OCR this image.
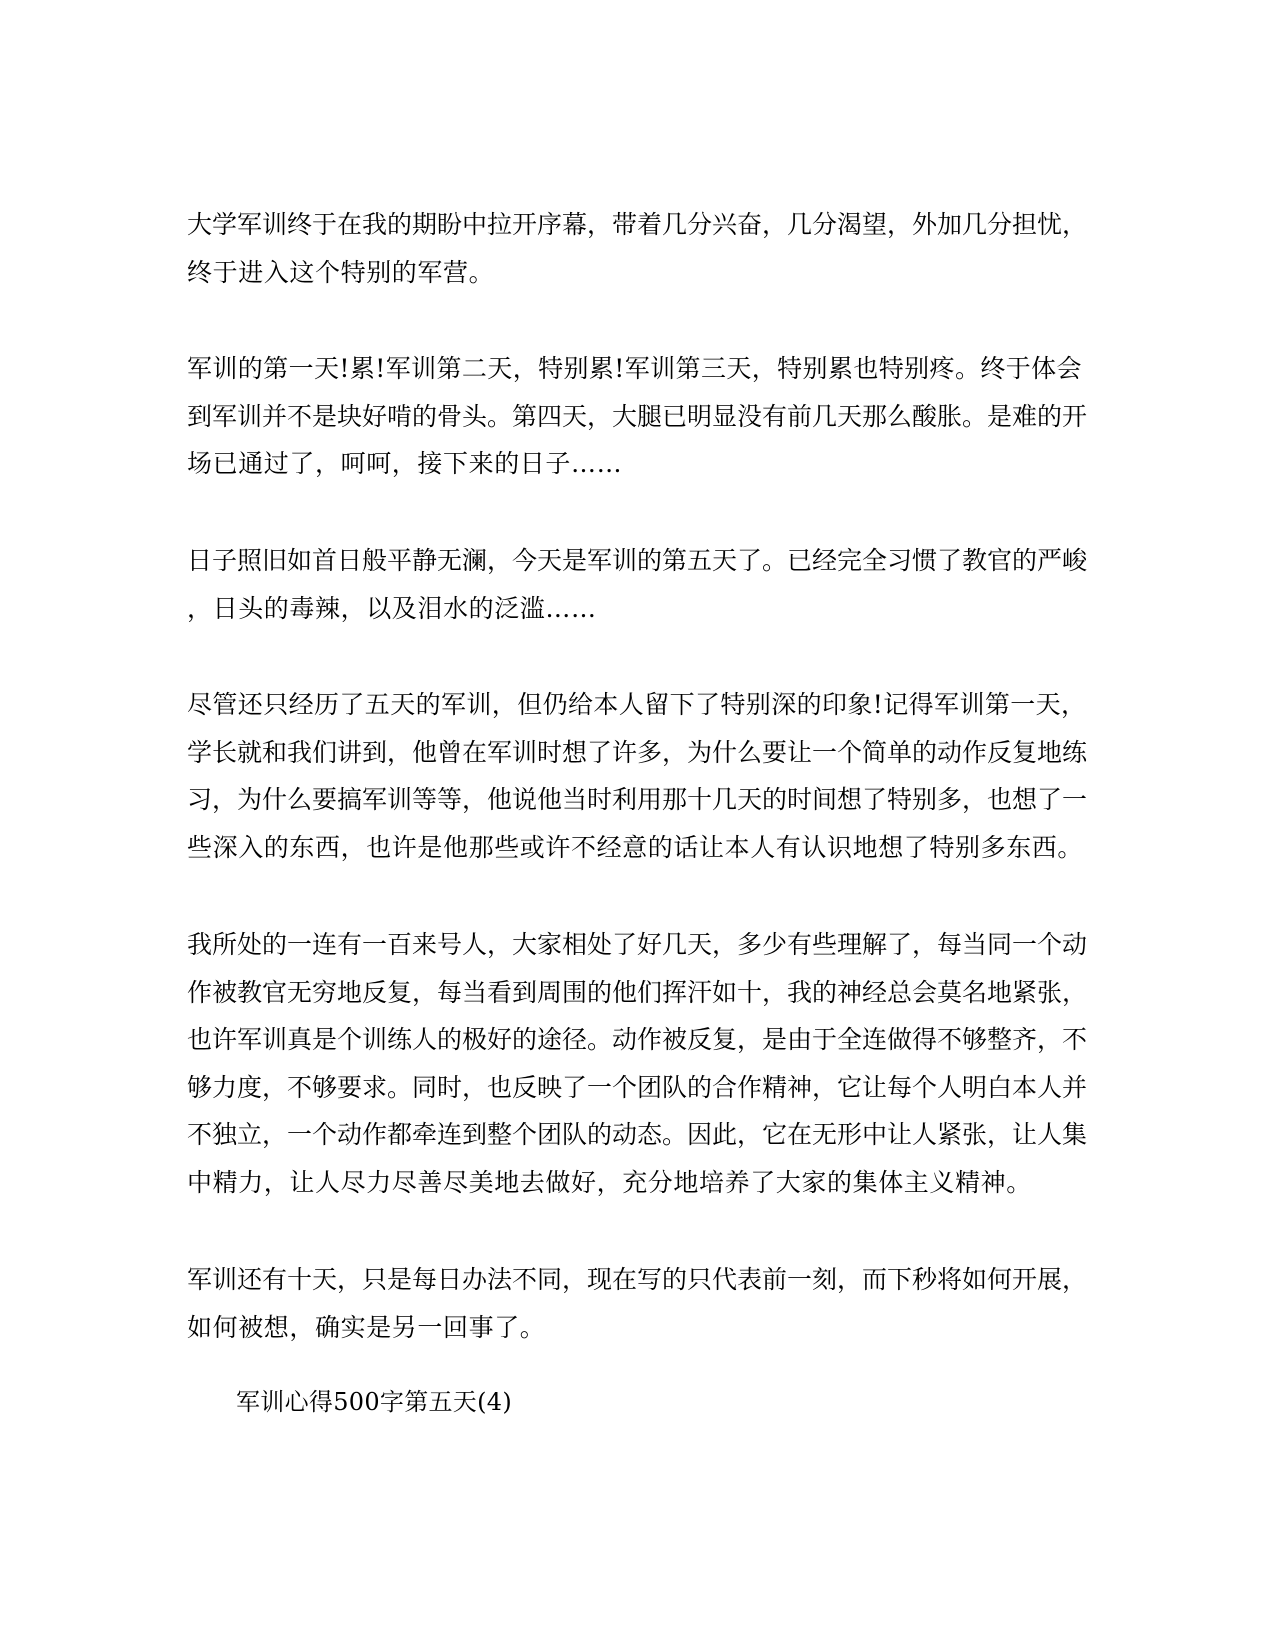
大学军训终于在我的期盼中拉开序幕，带着几分兴奋，几分渴望，外加几分担忧，
终于进入这个特别的军营。
军训的第一天!累!军训第二天，特别累!军训第三天，特别累也特别疼。终于体会
到军训并不是块好啃的骨头。第四天，大腿已明显没有前几天那么酸胀。是难的开
场已通过了，呵呵，接下来的日子……
日子照旧如首日般平静无澜，今天是军训的第五天了。已经完全习惯了教官的严峻
，日头的毒辣，以及泪水的泛滥……
尽管还只经历了五天的军训，但仍给本人留下了特别深的印象!记得军训第一天，
学长就和我们讲到，他曾在军训时想了许多，为什么要让一个简单的动作反复地练
习，为什么要搞军训等等，他说他当时利用那十几天的时间想了特别多，也想了一
些深入的东西，也许是他那些或许不经意的话让本人有认识地想了特别多东西。
我所处的一连有一百来号人，大家相处了好几天，多少有些理解了，每当同一个动
作被教官无穷地反复，每当看到周围的他们挥汗如十，我的神经总会莫名地紧张，
也许军训真是个训练人的极好的途径。动作被反复，是由于全连做得不够整齐，不
够力度，不够要求。同时，也反映了一个团队的合作精神，它让每个人明白本人并
不独立，一个动作都牵连到整个团队的动态。因此，它在无形中让人紧张，让人集
中精力，让人尽力尽善尽美地去做好，充分地培养了大家的集体主义精神。
军训还有十天，只是每日办法不同，现在写的只代表前一刻，而下秒将如何开展，
如何被想，确实是另一回事了。
军训心得500字第五天(4)
